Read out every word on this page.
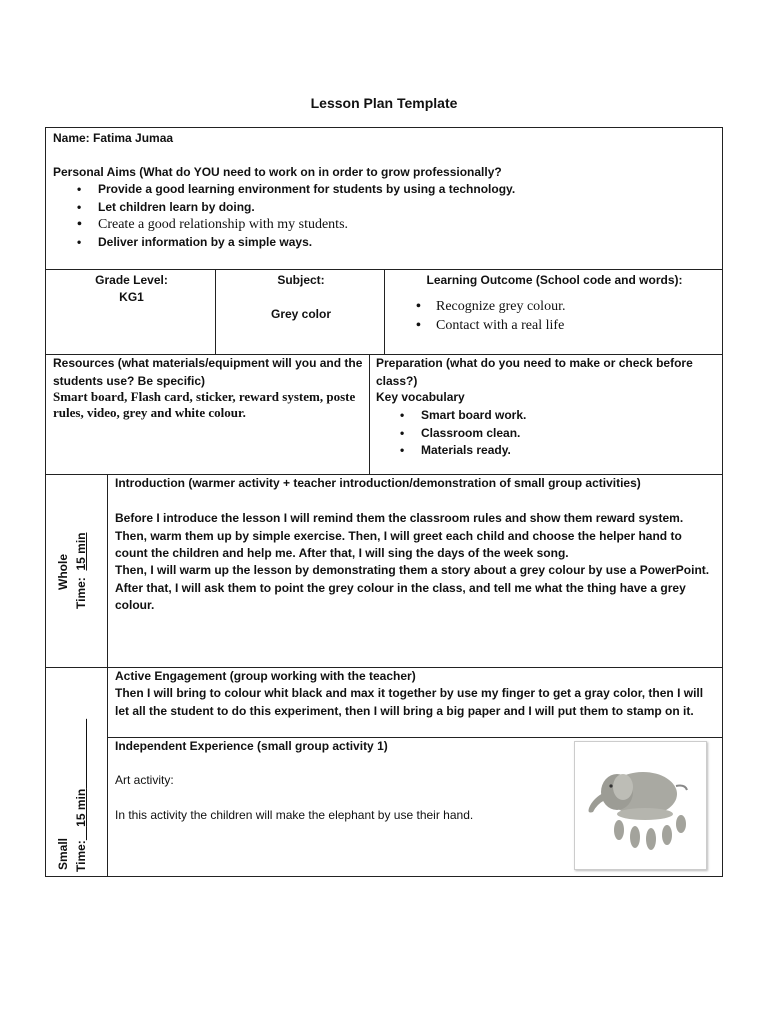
Lesson Plan Template
Name: Fatima Jumaa
Personal Aims (What do YOU need to work on in order to grow professionally?
• Provide a good learning environment for students by using a technology.
• Let children learn by doing.
• Create a good relationship with my students.
• Deliver information by a simple ways.
Grade Level:
KG1
Subject:
Grey color
Learning Outcome (School code and words):
• Recognize grey colour.
• Contact with a real life
Resources (what materials/equipment will you and the students use? Be specific)
Smart board, Flash card, sticker, reward system, poste rules, video, grey and white colour.
Preparation (what do you need to make or check before class?)
Key vocabulary
• Smart board work.
• Classroom clean.
• Materials ready.
Whole
Time:  15 min
Introduction (warmer activity + teacher introduction/demonstration of small group activities)
Before I introduce the lesson I will remind them the classroom rules and show them reward system. Then, warm them up by simple exercise. Then, I will greet each child and choose the helper hand to count the children and help me. After that, I will sing the days of the week song.
Then, I will warm up the lesson by demonstrating them a story about a grey colour by use a PowerPoint. After that, I will ask them to point the grey colour in the class, and tell me what the thing have a grey colour.
Small Time:    15 min
Active Engagement (group working with the teacher)
Then I will bring to colour whit black and max it together by use my finger to get a gray color, then I will let all the student to do this experiment, then I will bring a big paper and I will put them to stamp on it.
Independent Experience (small group activity 1)
Art activity:
In this activity the children will make the elephant by use their hand.
